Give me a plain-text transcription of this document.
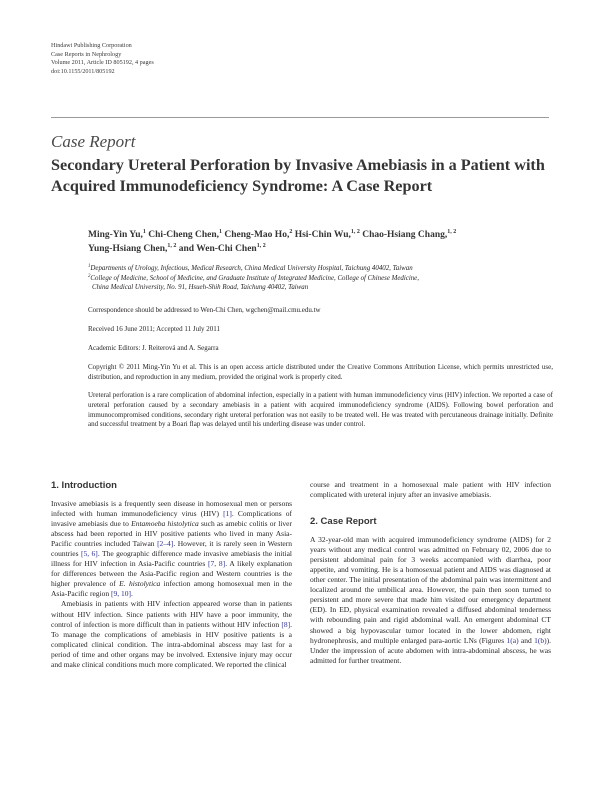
Hindawi Publishing Corporation
Case Reports in Nephrology
Volume 2011, Article ID 805192, 4 pages
doi:10.1155/2011/805192
Case Report
Secondary Ureteral Perforation by Invasive Amebiasis in a Patient with Acquired Immunodeficiency Syndrome: A Case Report
Ming-Yin Yu,$^1$ Chi-Cheng Chen,$^1$ Cheng-Mao Ho,$^2$ Hsi-Chin Wu,$^{1, 2}$ Chao-Hsiang Chang,$^{1, 2}$
Yung-Hsiang Chen,$^{1, 2}$ and Wen-Chi Chen$^{1, 2}$
$^1$Departments of Urology, Infectious, Medical Research, China Medical University Hospital, Taichung 40402, Taiwan
$^2$College of Medicine, School of Medicine, and Graduate Institute of Integrated Medicine, College of Chinese Medicine,
China Medical University, No. 91, Hsueh-Shih Road, Taichung 40402, Taiwan
Correspondence should be addressed to Wen-Chi Chen, wgchen@mail.cmu.edu.tw
Received 16 June 2011; Accepted 11 July 2011
Academic Editors: J. Reiterová and A. Segarra
Copyright © 2011 Ming-Yin Yu et al. This is an open access article distributed under the Creative Commons Attribution License, which permits unrestricted use, distribution, and reproduction in any medium, provided the original work is properly cited.
Ureteral perforation is a rare complication of abdominal infection, especially in a patient with human immunodeficiency virus (HIV) infection. We reported a case of ureteral perforation caused by a secondary amebiasis in a patient with acquired immunodeficiency syndrome (AIDS). Following bowel perforation and immunocompromised conditions, secondary right ureteral perforation was not easily to be treated well. He was treated with percutaneous drainage initially. Definite and successful treatment by a Boari flap was delayed until his underling disease was under control.
1. Introduction

Invasive amebiasis is a frequently seen disease in homosexual men or persons infected with human immunodeficiency virus (HIV) [1]. Complications of invasive amebiasis due to Entamoeba histolytica such as amebic colitis or liver abscess had been reported in HIV positive patients who lived in many Asia-Pacific countries included Taiwan [2–4]. However, it is rarely seen in Western countries [5, 6]. The geographic difference made invasive amebiasis the initial illness for HIV infection in Asia-Pacific countries [7, 8]. A likely explanation for differences between the Asia-Pacific region and Western countries is the higher prevalence of E. histolytica infection among homosexual men in the Asia-Pacific region [9, 10].

Amebiasis in patients with HIV infection appeared worse than in patients without HIV infection. Since patients with HIV have a poor immunity, the control of infection is more difficult than in patients without HIV infection [8]. To manage the complications of amebiasis in HIV positive patients is a complicated clinical condition. The intra-abdominal abscess may last for a period of time and other organs may be involved. Extensive injury may occur and make clinical conditions much more complicated. We reported the clinical

course and treatment in a homosexual male patient with HIV infection complicated with ureteral injury after an invasive amebiasis.

2. Case Report

A 32-year-old man with acquired immunodeficiency syndrome (AIDS) for 2 years without any medical control was admitted on February 02, 2006 due to persistent abdominal pain for 3 weeks accompanied with diarrhea, poor appetite, and vomiting. He is a homosexual patient and AIDS was diagnosed at other center. The initial presentation of the abdominal pain was intermittent and localized around the umbilical area. However, the pain then soon turned to persistent and more severe that made him visited our emergency department (ED). In ED, physical examination revealed a diffused abdominal tenderness with rebounding pain and rigid abdominal wall. An emergent abdominal CT showed a big hypovascular tumor located in the lower abdomen, right hydronephrosis, and multiple enlarged para-aortic LNs (Figures 1(a) and 1(b)). Under the impression of acute abdomen with intra-abdominal abscess, he was admitted for further treatment.
